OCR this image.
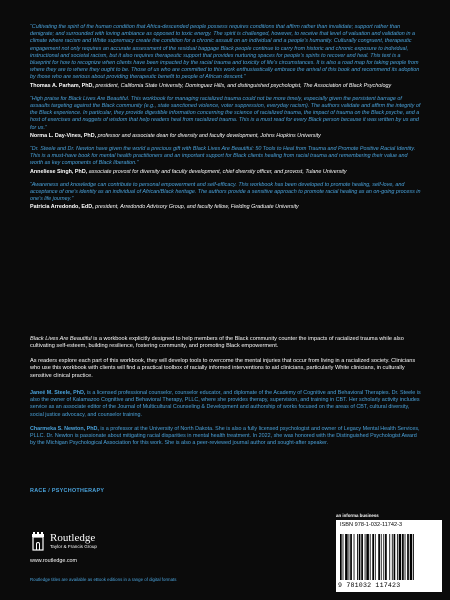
“Cultivating the spirit of the human condition that Africa-descended people possess requires conditions that affirm rather than invalidate; support rather than denigrate; and surrounded with loving ambiance as opposed to toxic energy. The spirit is challenged, however, to receive that level of valuation and validation in a climate where racism and White supremacy create the condition for a chronic assault on an individual and a people’s humanity. Culturally congruent, therapeutic engagement not only requires an accurate assessment of the residual baggage Black people continue to carry from historic and chronic exposure to individual, instructional and societal racism, but it also requires therapeutic support that provides nurturing spaces for people’s spirits to recover and heal. This text is a blueprint for how to recognize when clients have been impacted by the racial trauma and toxicity of life’s circumstances. It is also a road map for taking people from where they are to where they ought to be. Those of us who are committed to this work enthusiastically embrace the arrival of this book and recommend its adoption by those who are serious about providing therapeutic benefit to people of African descent.”
Thomas A. Parham, PhD, president, California State University, Dominguez Hills, and distinguished psychologist, The Association of Black Psychology
“High praise for Black Lives Are Beautiful. This workbook for managing racialized trauma could not be more timely, especially given the persistent barrage of assaults targeting against the Black community (e.g., state sanctioned violence, voter suppression, everyday racism). The authors validate and affirm the integrity of the Black experience. In particular, they provide digestible information concerning the science of racialized trauma, the impact of trauma on the Black psyche, and a host of exercises and nuggets of wisdom that help readers heal from racialized trauma. This is a must read for every Black person because it was written by us and for us.”
Norma L. Day-Vines, PhD, professor and associate dean for diversity and faculty development, Johns Hopkins University
“Dr. Steele and Dr. Newton have given the world a precious gift with Black Lives Are Beautiful: 50 Tools to Heal from Trauma and Promote Positive Racial Identity. This is a must-have book for mental health practitioners and an important support for Black clients healing from racial trauma and remembering their value and worth as key components of Black liberation.”
Anneliese Singh, PhD, associate provost for diversity and faculty development, chief diversity officer, and provost, Tulane University
“Awareness and knowledge can contribute to personal empowerment and self-efficacy. This workbook has been developed to promote healing, self-love, and acceptance of one’s identity as an individual of African/Black heritage. The authors provide a sensitive approach to promote racial healing as an on-going process in one’s life journey.”
Patricia Arredondo, EdD, president, Arredondo Advisory Group, and faculty fellow, Fielding Graduate University

Black Lives Are Beautiful is a workbook explicitly designed to help members of the Black community counter the impacts of racialized trauma while also cultivating self-esteem, building resilience, fostering community, and promoting Black empowerment.

As readers explore each part of this workbook, they will develop tools to overcome the mental injuries that occur from living in a racialized society. Clinicians who use this workbook with clients will find a practical toolbox of racially informed interventions to aid clinicians, particularly White clinicians, in culturally sensitive clinical practice.

Janeé M. Steele, PhD, is a licensed professional counselor, counselor educator, and diplomate of the Academy of Cognitive and Behavioral Therapies. Dr. Steele is also the owner of Kalamazoo Cognitive and Behavioral Therapy, PLLC, where she provides therapy, supervision, and training in CBT. Her scholarly activity includes service as an associate editor of the Journal of Multicultural Counseling & Development and authorship of works focused on the areas of CBT, cultural diversity, social justice advocacy, and counselor training.

Charmeka S. Newton, PhD, is a professor at the University of North Dakota. She is also a fully licensed psychologist and owner of Legacy Mental Health Services, PLLC. Dr. Newton is passionate about mitigating racial disparities in mental health treatment. In 2022, she was honored with the Distinguished Psychologist Award by the Michigan Psychological Association for this work. She is also a peer-reviewed journal author and sought-after speaker.

RACE / PSYCHOTHERAPY
Routledge
Taylor & Francis Group
www.routledge.com
Routledge titles are available as eBook editions in a range of digital formats
an informa business
ISBN 978-1-032-11742-3
9 781032 117423
